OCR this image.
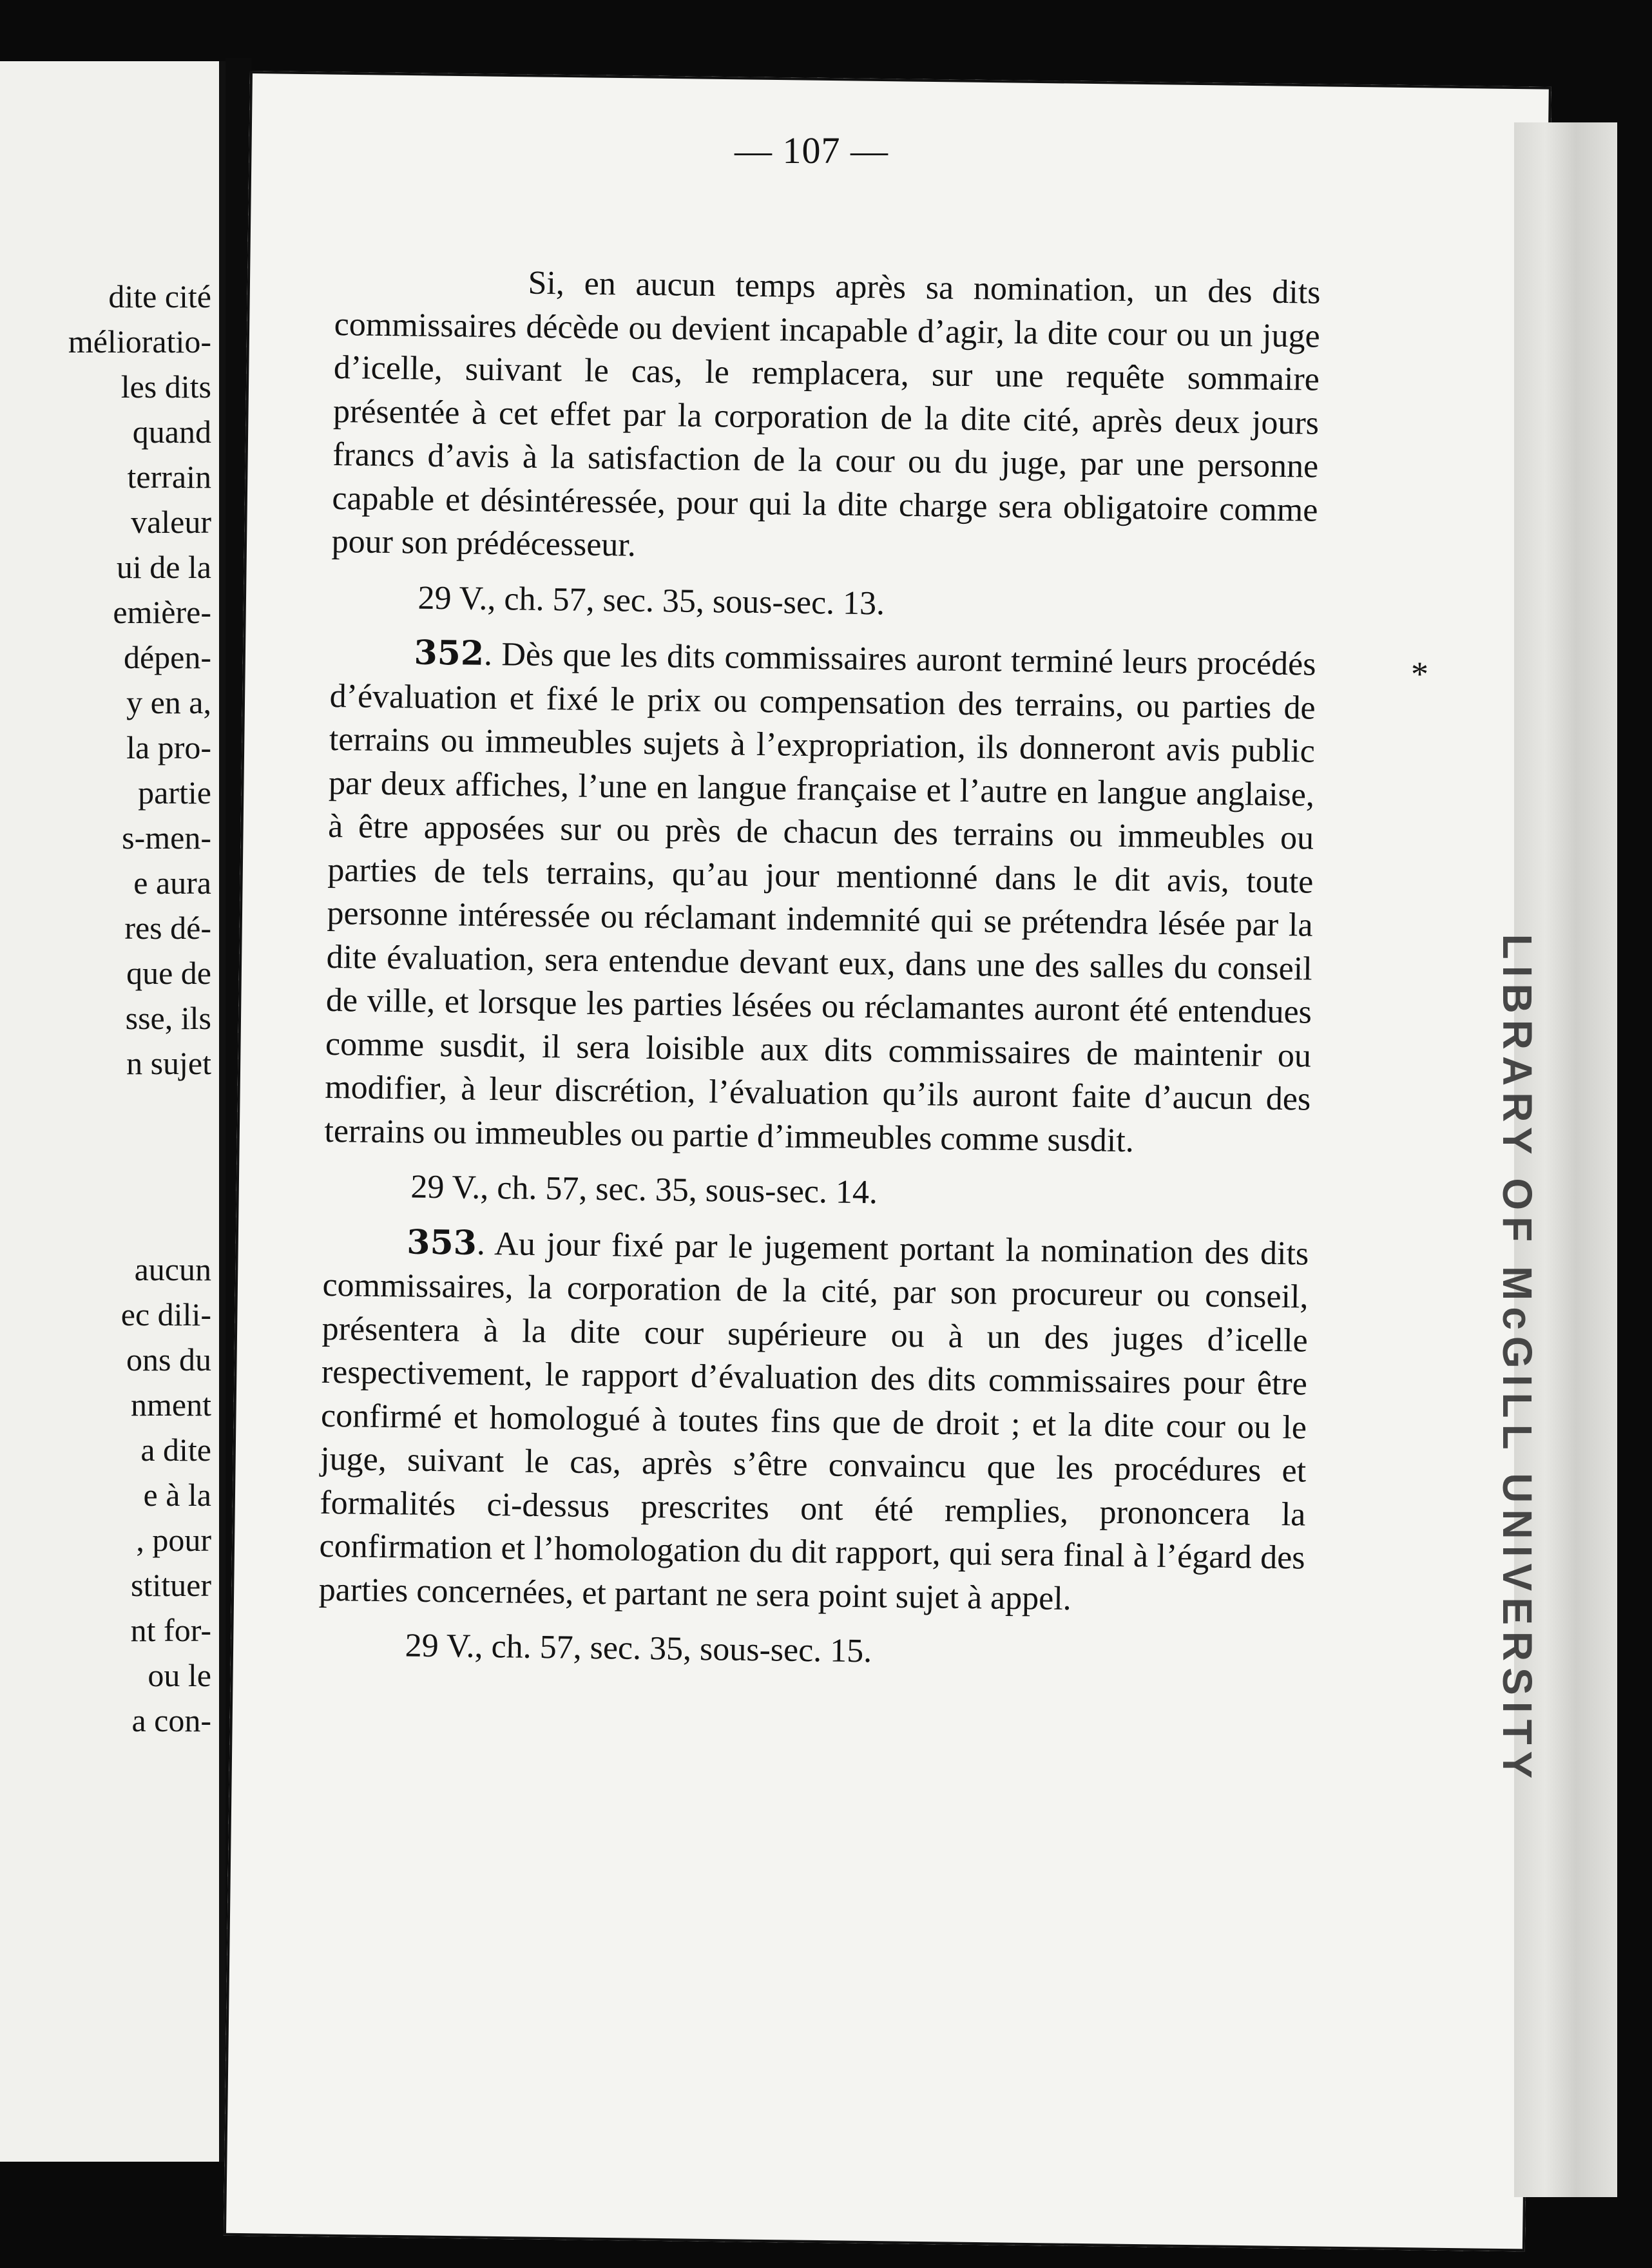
dite cité
mélioratio-
les dits
quand
terrain
valeur
ui de la
emière-
dépen-
y en a,
la pro-
partie
s-men-
e aura
res dé-
que de
sse, ils
n sujet
aucun
ec dili-
ons du
nment
a dite
e à la
, pour
stituer
nt for-
ou le
a con-
— 107 —

Si, en aucun temps après sa nomination, un des dits commissaires décède ou devient incapable d’agir, la dite cour ou un juge d’icelle, suivant le cas, le remplacera, sur une requête sommaire présentée à cet effet par la corporation de la dite cité, après deux jours francs d’avis à la satisfaction de la cour ou du juge, par une personne capable et désintéressée, pour qui la dite charge sera obligatoire comme pour son prédécesseur.

29 V., ch. 57, sec. 35, sous-sec. 13.

352. Dès que les dits commissaires auront terminé leurs procédés d’évaluation et fixé le prix ou compensation des terrains, ou parties de terrains ou immeubles sujets à l’expropriation, ils donneront avis public par deux affiches, l’une en langue française et l’autre en langue anglaise, à être apposées sur ou près de chacun des terrains ou immeubles ou parties de tels terrains, qu’au jour mentionné dans le dit avis, toute personne intéressée ou réclamant indemnité qui se prétendra lésée par la dite évaluation, sera entendue devant eux, dans une des salles du conseil de ville, et lorsque les parties lésées ou réclamantes auront été entendues comme susdit, il sera loisible aux dits commissaires de maintenir ou modifier, à leur discrétion, l’évaluation qu’ils auront faite d’aucun des terrains ou immeubles ou partie d’immeubles comme susdit.

29 V., ch. 57, sec. 35, sous-sec. 14.

353. Au jour fixé par le jugement portant la nomination des dits commissaires, la corporation de la cité, par son procureur ou conseil, présentera à la dite cour supérieure ou à un des juges d’icelle respectivement, le rapport d’évaluation des dits commissaires pour être confirmé et homologué à toutes fins que de droit ; et la dite cour ou le juge, suivant le cas, après s’être convaincu que les procédures et formalités ci-dessus prescrites ont été remplies, prononcera la confirmation et l’homologation du dit rapport, qui sera final à l’égard des parties concernées, et partant ne sera point sujet à appel.

29 V., ch. 57, sec. 35, sous-sec. 15.

*
LIBRARY OF McGILL UNIVERSITY
